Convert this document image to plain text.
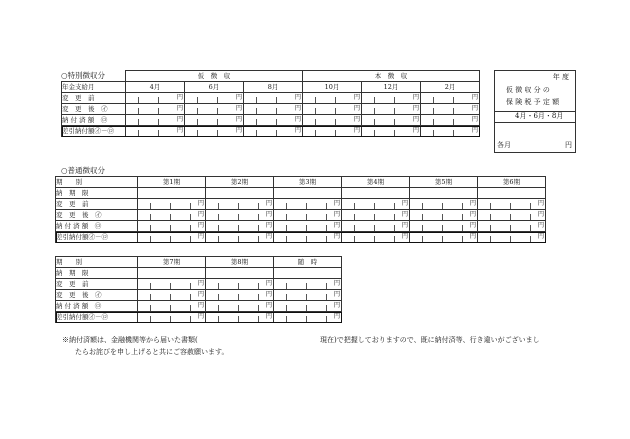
○特別徴収分
		仮　徴　収			本　徴　収		
年金支給月	4月	6月	8月	10月	12月	2月
変　更　前	円	円	円	円	円	円

変　更　後　㋑	円	円	円	円	円	円

納 付 済 額　㋺	円	円	円	円	円	円

差引納付額㋑－㋺	円	円	円	円	円	円
年 度
仮 徴 収 分 の
保 険 税 予 定 額
4月・6月・8月
各月	円
○普通徴収分
期　　別	第1期	第2期	第3期	第4期	第5期	第6期
納　期　限						
変　更　前	円	円	円	円	円	円

変　更　後　㋑	円	円	円	円	円	円

納 付 済 額　㋺	円	円	円	円	円	円

差引納付額㋑－㋺	円	円	円	円	円	円
期　　別	第7期	第8期	随　時
納　期　限			
変　更　前	円	円	円

変　更　後　㋑	円	円	円

納 付 済 額　㋺	円	円	円

差引納付額㋑－㋺	円	円	円
※納付済額は、金融機関等から届いた書類(	現在)で把握しておりますので、既に納付済等、行き違いがございまし
たらお詫びを申し上げると共にご容赦願います。
